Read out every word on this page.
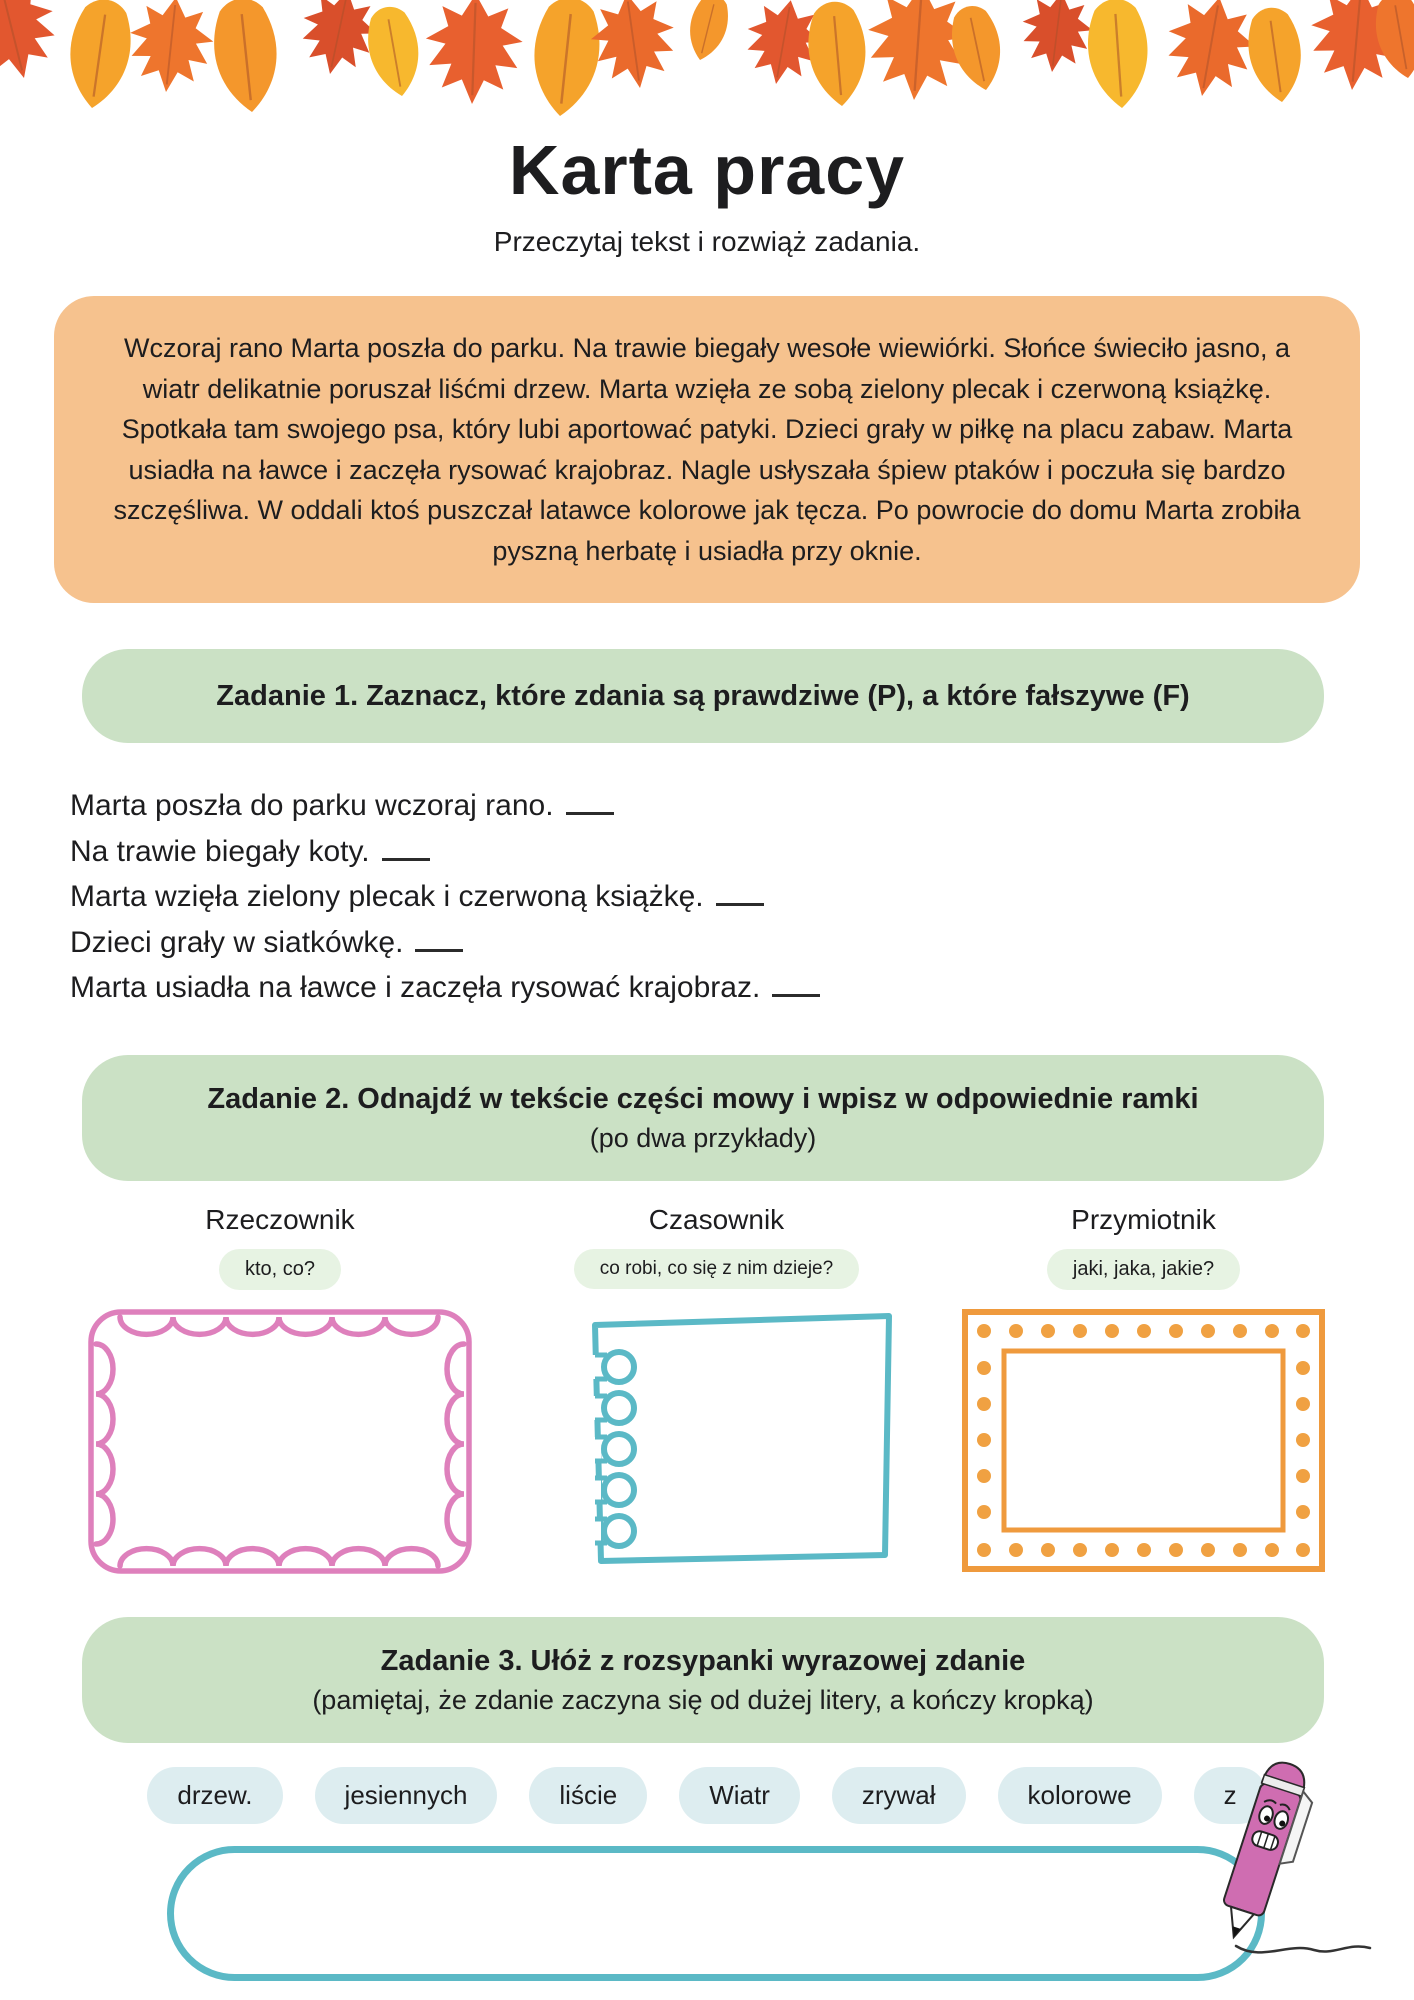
Karta pracy
Przeczytaj tekst i rozwiąż zadania.
Wczoraj rano Marta poszła do parku. Na trawie biegały wesołe wiewiórki. Słońce świeciło jasno, a wiatr delikatnie poruszał liśćmi drzew. Marta wzięła ze sobą zielony plecak i czerwoną książkę. Spotkała tam swojego psa, który lubi aportować patyki. Dzieci grały w piłkę na placu zabaw. Marta usiadła na ławce i zaczęła rysować krajobraz. Nagle usłyszała śpiew ptaków i poczuła się bardzo szczęśliwa. W oddali ktoś puszczał latawce kolorowe jak tęcza. Po powrocie do domu Marta zrobiła pyszną herbatę i usiadła przy oknie.
Zadanie 1. Zaznacz, które zdania są prawdziwe (P), a które fałszywe (F)
Marta poszła do parku wczoraj rano.
Na trawie biegały koty.
Marta wzięła zielony plecak i czerwoną książkę.
Dzieci grały w siatkówkę.
Marta usiadła na ławce i zaczęła rysować krajobraz.
Zadanie 2. Odnajdź w tekście części mowy i wpisz w odpowiednie ramki
(po dwa przykłady)
Rzeczownik
kto, co?
Czasownik
co robi, co się z nim dzieje?
Przymiotnik
jaki, jaka, jakie?
Zadanie 3. Ułóż z rozsypanki wyrazowej zdanie
(pamiętaj, że zdanie zaczyna się od dużej litery, a kończy kropką)
drzew.	jesiennych	liście	Wiatr	zrywał	kolorowe	z
